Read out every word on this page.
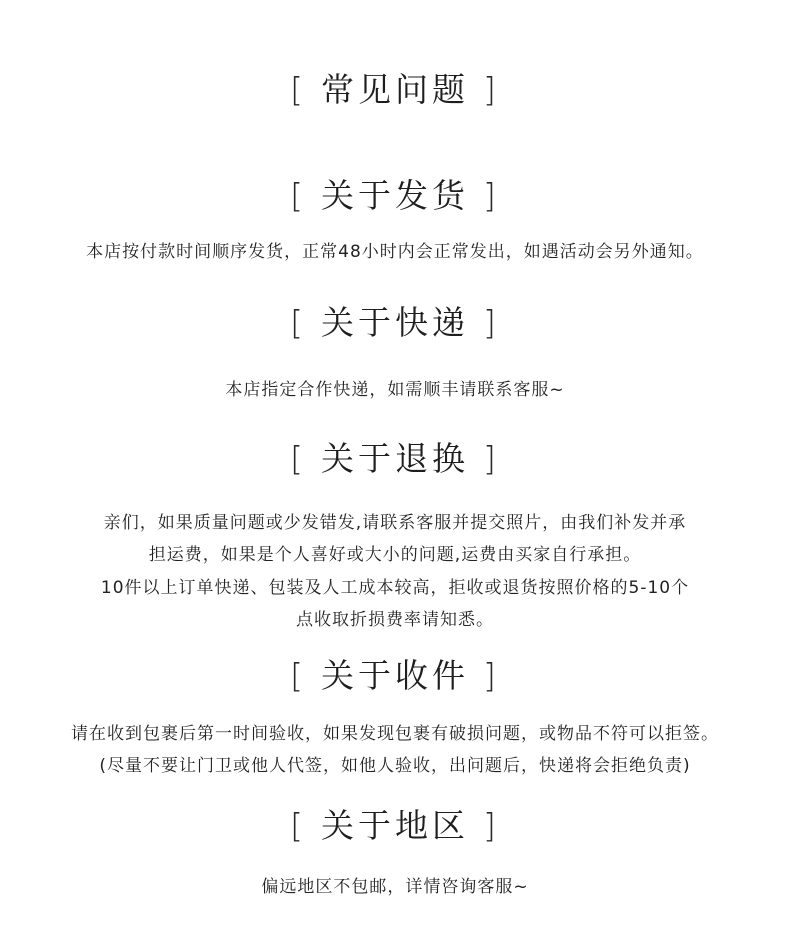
[ 常见问题 ]
[ 关于发货 ]
本店按付款时间顺序发货，正常48小时内会正常发出，如遇活动会另外通知。
[ 关于快递 ]
本店指定合作快递，如需顺丰请联系客服~
[ 关于退换 ]
亲们，如果质量问题或少发错发,请联系客服并提交照片，由我们补发并承
担运费，如果是个人喜好或大小的问题,运费由买家自行承担。
10件以上订单快递、包装及人工成本较高，拒收或退货按照价格的5-10个
点收取折损费率请知悉。
[ 关于收件 ]
请在收到包裹后第一时间验收，如果发现包裹有破损问题，或物品不符可以拒签。
(尽量不要让门卫或他人代签，如他人验收，出问题后，快递将会拒绝负责)
[ 关于地区 ]
偏远地区不包邮，详情咨询客服~
